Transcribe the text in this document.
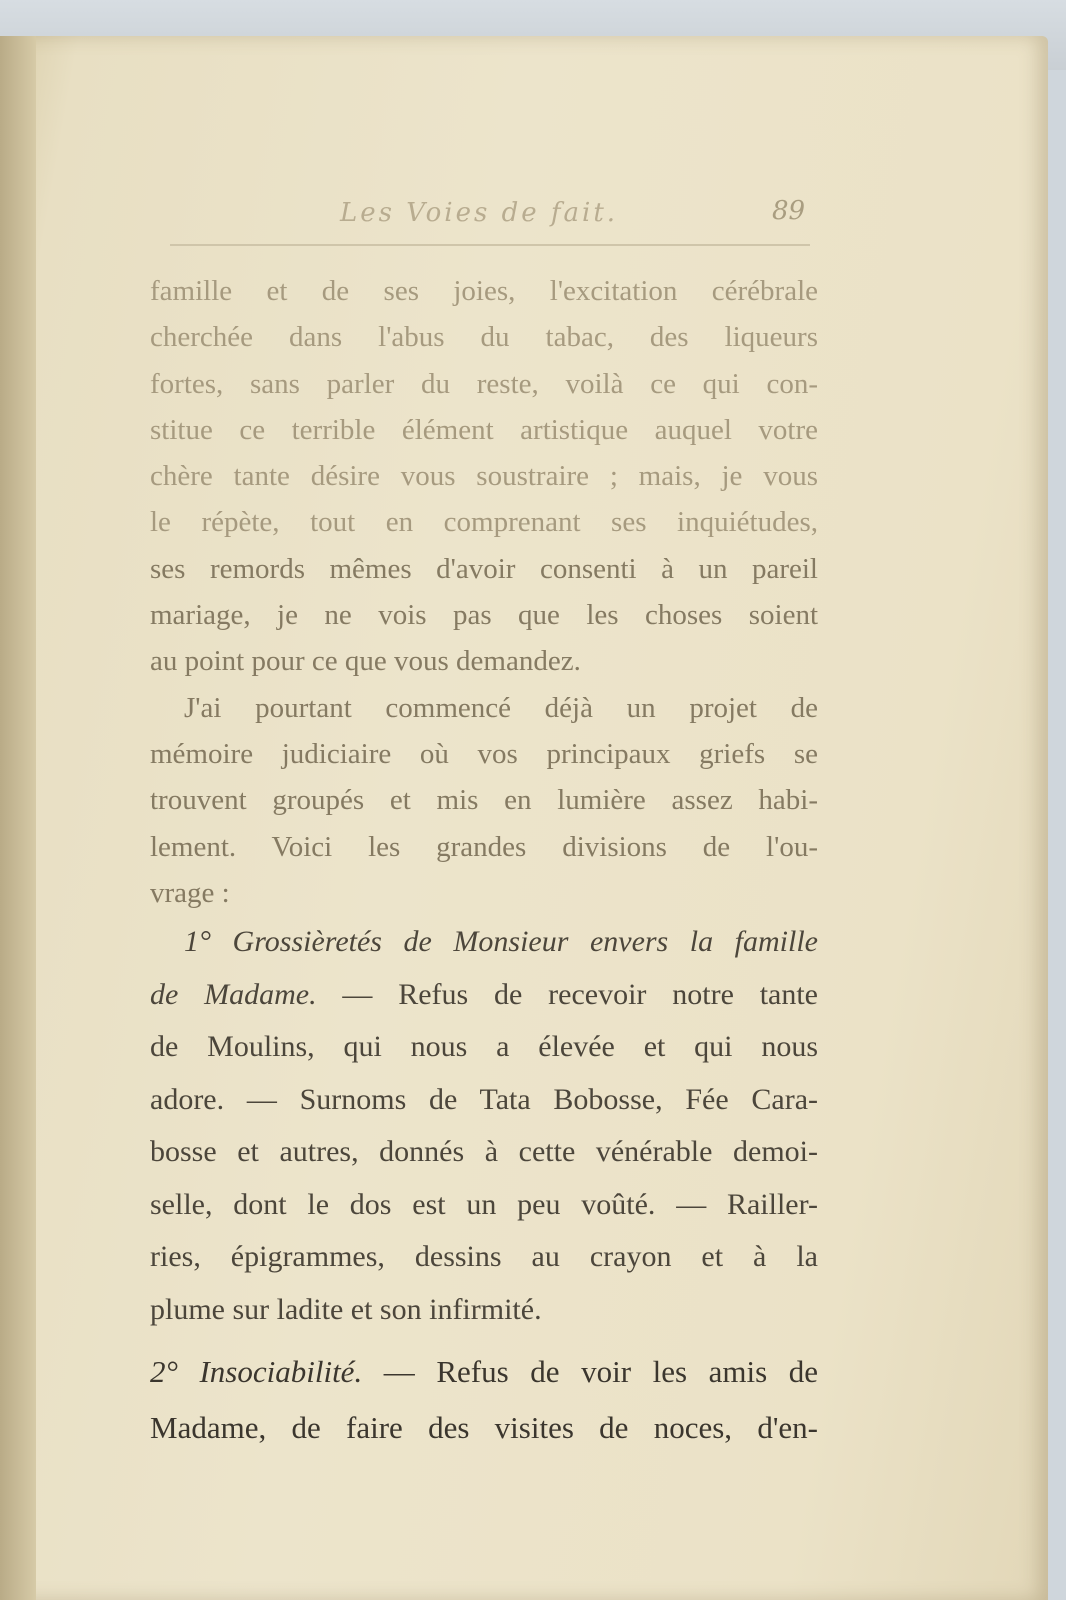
Les Voies de fait.	89
famille et de ses joies, l'excitation cérébrale
cherchée dans l'abus du tabac, des liqueurs
fortes, sans parler du reste, voilà ce qui con-
stitue ce terrible élément artistique auquel votre
chère tante désire vous soustraire ; mais, je vous
le répète, tout en comprenant ses inquiétudes,
ses remords mêmes d'avoir consenti à un pareil
mariage, je ne vois pas que les choses soient
au point pour ce que vous demandez.
J'ai pourtant commencé déjà un projet de
mémoire judiciaire où vos principaux griefs se
trouvent groupés et mis en lumière assez habi-
lement. Voici les grandes divisions de l'ou-
vrage :
1° Grossièretés de Monsieur envers la famille
de Madame. — Refus de recevoir notre tante
de Moulins, qui nous a élevée et qui nous
adore. — Surnoms de Tata Bobosse, Fée Cara-
bosse et autres, donnés à cette vénérable demoi-
selle, dont le dos est un peu voûté. — Railler-
ries, épigrammes, dessins au crayon et à la
plume sur ladite et son infirmité.
2° Insociabilité. — Refus de voir les amis de
Madame, de faire des visites de noces, d'en-
